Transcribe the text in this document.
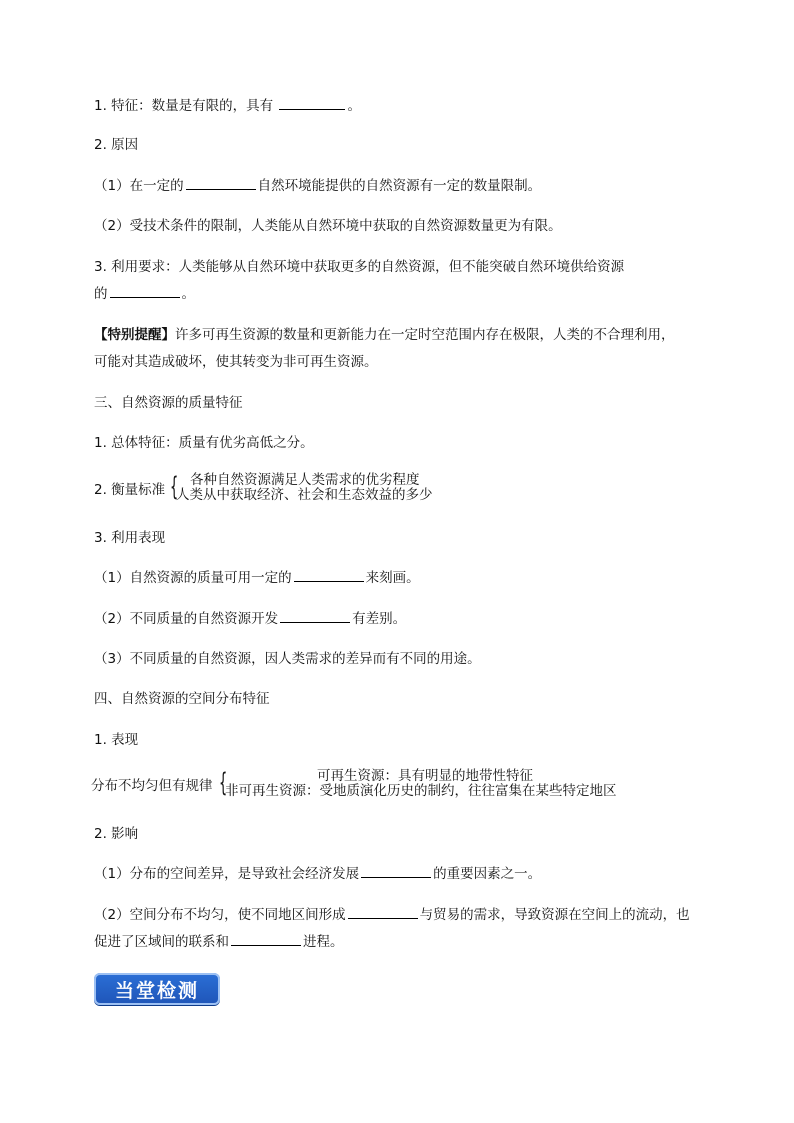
1. 特征：数量是有限的，具有	。
2. 原因
（1）在一定的	自然环境能提供的自然资源有一定的数量限制。
（2）受技术条件的限制，人类能从自然环境中获取的自然资源数量更为有限。
3. 利用要求：人类能够从自然环境中获取更多的自然资源，但不能突破自然环境供给资源
的	。
【特别提醒】许多可再生资源的数量和更新能力在一定时空范围内存在极限，人类的不合理利用，
可能对其造成破坏，使其转变为非可再生资源。
三、自然资源的质量特征
1. 总体特征：质量有优劣高低之分。
2. 衡量标准 { 各种自然资源满足人类需求的优劣程度
人类从中获取经济、社会和生态效益的多少
3. 利用表现
（1）自然资源的质量可用一定的	来刻画。
（2）不同质量的自然资源开发	有差别。
（3）不同质量的自然资源，因人类需求的差异而有不同的用途。
四、自然资源的空间分布特征
1. 表现
分布不均匀但有规律 {	可再生资源：具有明显的地带性特征
非可再生资源：受地质演化历史的制约，往往富集在某些特定地区
2. 影响
（1）分布的空间差异，是导致社会经济发展	的重要因素之一。
（2）空间分布不均匀，使不同地区间形成	与贸易的需求，导致资源在空间上的流动，也
促进了区域间的联系和	进程。
当堂检测
